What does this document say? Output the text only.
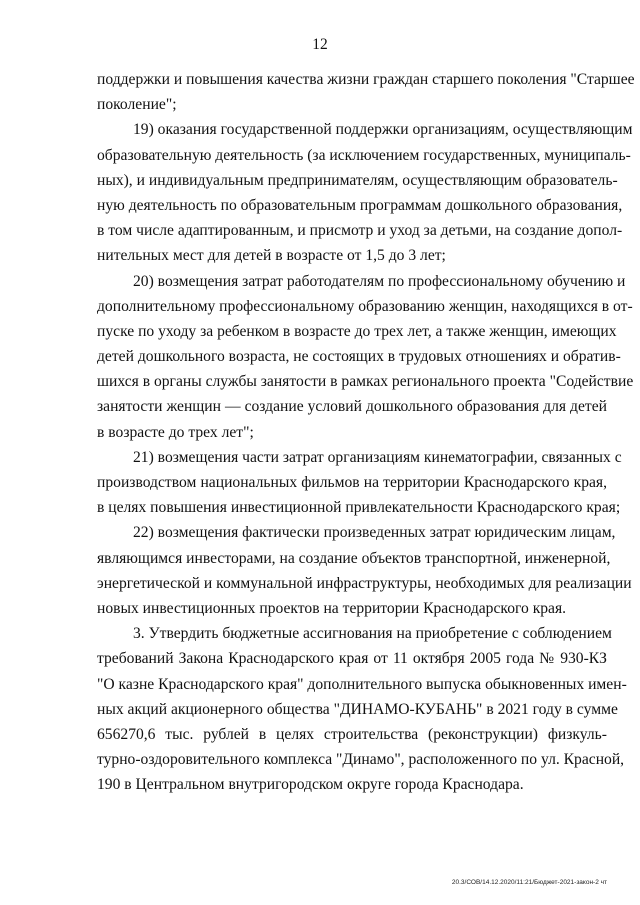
12
поддержки и повышения качества жизни граждан старшего поколения "Старшее
поколение";
19) оказания государственной поддержки организациям, осуществляющим
образовательную деятельность (за исключением государственных, муниципаль-
ных), и индивидуальным предпринимателям, осуществляющим образователь-
ную деятельность по образовательным программам дошкольного образования,
в том числе адаптированным, и присмотр и уход за детьми, на создание допол-
нительных мест для детей в возрасте от 1,5 до 3 лет;
20) возмещения затрат работодателям по профессиональному обучению и
дополнительному профессиональному образованию женщин, находящихся в от-
пуске по уходу за ребенком в возрасте до трех лет, а также женщин, имеющих
детей дошкольного возраста, не состоящих в трудовых отношениях и обратив-
шихся в органы службы занятости в рамках регионального проекта "Содействие
занятости женщин — создание условий дошкольного образования для детей
в возрасте до трех лет";
21) возмещения части затрат организациям кинематографии, связанных с
производством национальных фильмов на территории Краснодарского края,
в целях повышения инвестиционной привлекательности Краснодарского края;
22) возмещения фактически произведенных затрат юридическим лицам,
являющимся инвесторами, на создание объектов транспортной, инженерной,
энергетической и коммунальной инфраструктуры, необходимых для реализации
новых инвестиционных проектов на территории Краснодарского края.
3. Утвердить бюджетные ассигнования на приобретение с соблюдением
требований Закона Краснодарского края от 11 октября 2005 года № 930-КЗ
"О казне Краснодарского края" дополнительного выпуска обыкновенных имен-
ных акций акционерного общества "ДИНАМО-КУБАНЬ" в 2021 году в сумме
656270,6 тыс. рублей в целях строительства (реконструкции) физкуль-
турно-оздоровительного комплекса "Динамо", расположенного по ул. Красной,
190 в Центральном внутригородском округе города Краснодара.
20.3/СОВ/14.12.2020/11:21/Бюджет-2021-закон-2 чт
